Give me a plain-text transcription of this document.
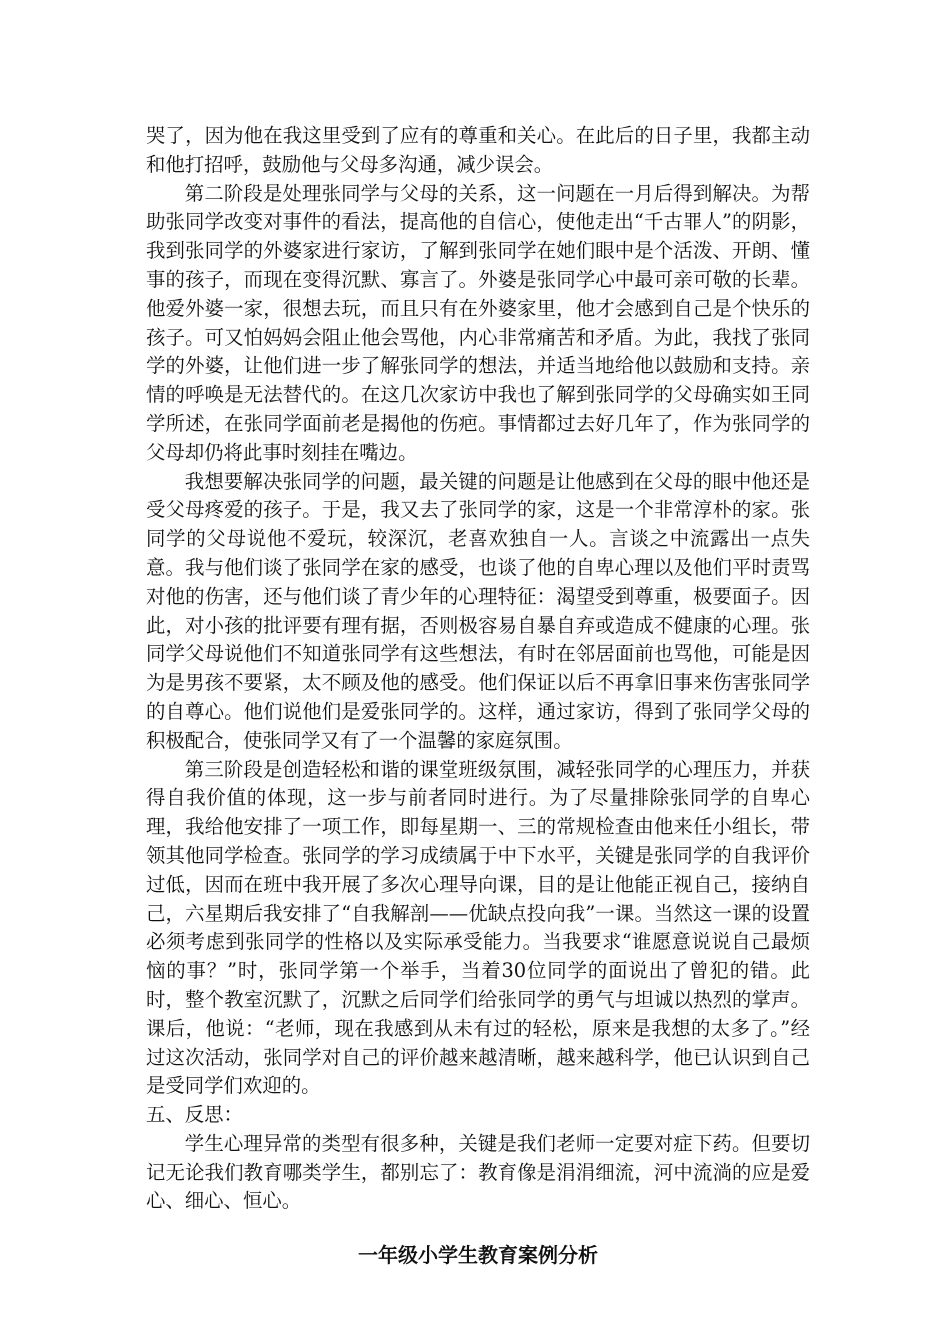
哭了，因为他在我这里受到了应有的尊重和关心。在此后的日子里，我都主动和他打招呼，鼓励他与父母多沟通，减少误会。

第二阶段是处理张同学与父母的关系，这一问题在一月后得到解决。为帮助张同学改变对事件的看法，提高他的自信心，使他走出“千古罪人”的阴影，我到张同学的外婆家进行家访，了解到张同学在她们眼中是个活泼、开朗、懂事的孩子，而现在变得沉默、寡言了。外婆是张同学心中最可亲可敬的长辈。他爱外婆一家，很想去玩，而且只有在外婆家里，他才会感到自己是个快乐的孩子。可又怕妈妈会阻止他会骂他，内心非常痛苦和矛盾。为此，我找了张同学的外婆，让他们进一步了解张同学的想法，并适当地给他以鼓励和支持。亲情的呼唤是无法替代的。在这几次家访中我也了解到张同学的父母确实如王同学所述，在张同学面前老是揭他的伤疤。事情都过去好几年了，作为张同学的父母却仍将此事时刻挂在嘴边。

我想要解决张同学的问题，最关键的问题是让他感到在父母的眼中他还是受父母疼爱的孩子。于是，我又去了张同学的家，这是一个非常淳朴的家。张同学的父母说他不爱玩，较深沉，老喜欢独自一人。言谈之中流露出一点失意。我与他们谈了张同学在家的感受，也谈了他的自卑心理以及他们平时责骂对他的伤害，还与他们谈了青少年的心理特征：渴望受到尊重，极要面子。因此，对小孩的批评要有理有据，否则极容易自暴自弃或造成不健康的心理。张同学父母说他们不知道张同学有这些想法，有时在邻居面前也骂他，可能是因为是男孩不要紧，太不顾及他的感受。他们保证以后不再拿旧事来伤害张同学的自尊心。他们说他们是爱张同学的。这样，通过家访，得到了张同学父母的积极配合，使张同学又有了一个温馨的家庭氛围。

第三阶段是创造轻松和谐的课堂班级氛围，减轻张同学的心理压力，并获得自我价值的体现，这一步与前者同时进行。为了尽量排除张同学的自卑心理，我给他安排了一项工作，即每星期一、三的常规检查由他来任小组长，带领其他同学检查。张同学的学习成绩属于中下水平，关键是张同学的自我评价过低，因而在班中我开展了多次心理导向课，目的是让他能正视自己，接纳自己，六星期后我安排了“自我解剖——优缺点投向我”一课。当然这一课的设置必须考虑到张同学的性格以及实际承受能力。当我要求“谁愿意说说自己最烦恼的事？”时，张同学第一个举手，当着30位同学的面说出了曾犯的错。此时，整个教室沉默了，沉默之后同学们给张同学的勇气与坦诚以热烈的掌声。课后，他说：“老师，现在我感到从未有过的轻松，原来是我想的太多了。”经过这次活动，张同学对自己的评价越来越清晰，越来越科学，他已认识到自己是受同学们欢迎的。

五、反思：

学生心理异常的类型有很多种，关键是我们老师一定要对症下药。但要切记无论我们教育哪类学生，都别忘了：教育像是涓涓细流，河中流淌的应是爱心、细心、恒心。

一年级小学生教育案例分析
